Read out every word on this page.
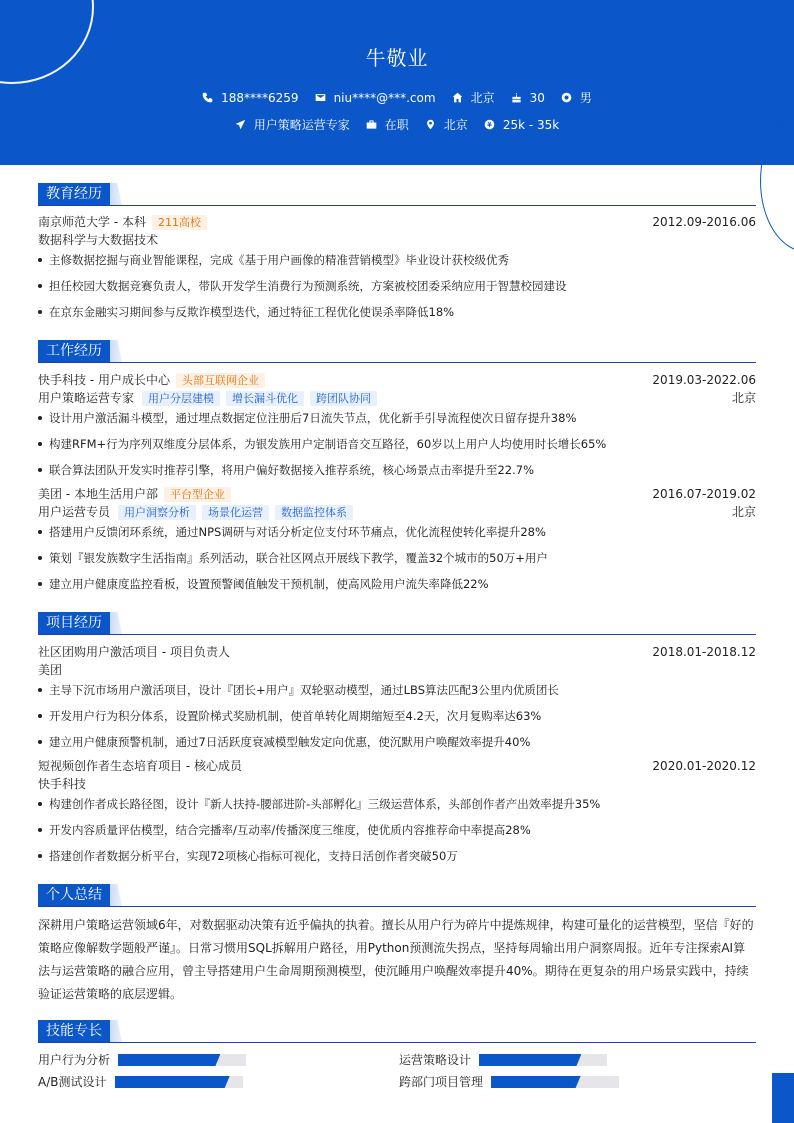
牛敬业
188****6259	niu****@***.com	北京	30	男
用户策略运营专家	在职	北京	25k - 35k
教育经历
南京师范大学 - 本科 211高校	2012.09-2016.06
数据科学与大数据技术
主修数据挖掘与商业智能课程，完成《基于用户画像的精准营销模型》毕业设计获校级优秀
担任校园大数据竞赛负责人，带队开发学生消费行为预测系统，方案被校团委采纳应用于智慧校园建设
在京东金融实习期间参与反欺诈模型迭代，通过特征工程优化使误杀率降低18%
工作经历
快手科技 - 用户成长中心 头部互联网企业	2019.03-2022.06
用户策略运营专家 用户分层建模 增长漏斗优化 跨团队协同	北京
设计用户激活漏斗模型，通过埋点数据定位注册后7日流失节点，优化新手引导流程使次日留存提升38%
构建RFM+行为序列双维度分层体系，为银发族用户定制语音交互路径，60岁以上用户人均使用时长增长65%
联合算法团队开发实时推荐引擎，将用户偏好数据接入推荐系统，核心场景点击率提升至22.7%
美团 - 本地生活用户部 平台型企业	2016.07-2019.02
用户运营专员 用户洞察分析 场景化运营 数据监控体系	北京
搭建用户反馈闭环系统，通过NPS调研与对话分析定位支付环节痛点，优化流程使转化率提升28%
策划『银发族数字生活指南』系列活动，联合社区网点开展线下教学，覆盖32个城市的50万+用户
建立用户健康度监控看板，设置预警阈值触发干预机制，使高风险用户流失率降低22%
项目经历
社区团购用户激活项目 - 项目负责人	2018.01-2018.12
美团
主导下沉市场用户激活项目，设计『团长+用户』双轮驱动模型，通过LBS算法匹配3公里内优质团长
开发用户行为积分体系，设置阶梯式奖励机制，使首单转化周期缩短至4.2天，次月复购率达63%
建立用户健康预警机制，通过7日活跃度衰减模型触发定向优惠，使沉默用户唤醒效率提升40%
短视频创作者生态培育项目 - 核心成员	2020.01-2020.12
快手科技
构建创作者成长路径图，设计『新人扶持-腰部进阶-头部孵化』三级运营体系，头部创作者产出效率提升35%
开发内容质量评估模型，结合完播率/互动率/传播深度三维度，使优质内容推荐命中率提高28%
搭建创作者数据分析平台，实现72项核心指标可视化，支持日活创作者突破50万
个人总结
深耕用户策略运营领域6年，对数据驱动决策有近乎偏执的执着。擅长从用户行为碎片中提炼规律，构建可量化的运营模型，坚信『好的策略应像解数学题般严谨』。日常习惯用SQL拆解用户路径，用Python预测流失拐点，坚持每周输出用户洞察周报。近年专注探索AI算法与运营策略的融合应用，曾主导搭建用户生命周期预测模型，使沉睡用户唤醒效率提升40%。期待在更复杂的用户场景实践中，持续验证运营策略的底层逻辑。
技能专长
用户行为分析	运营策略设计
A/B测试设计	跨部门项目管理
